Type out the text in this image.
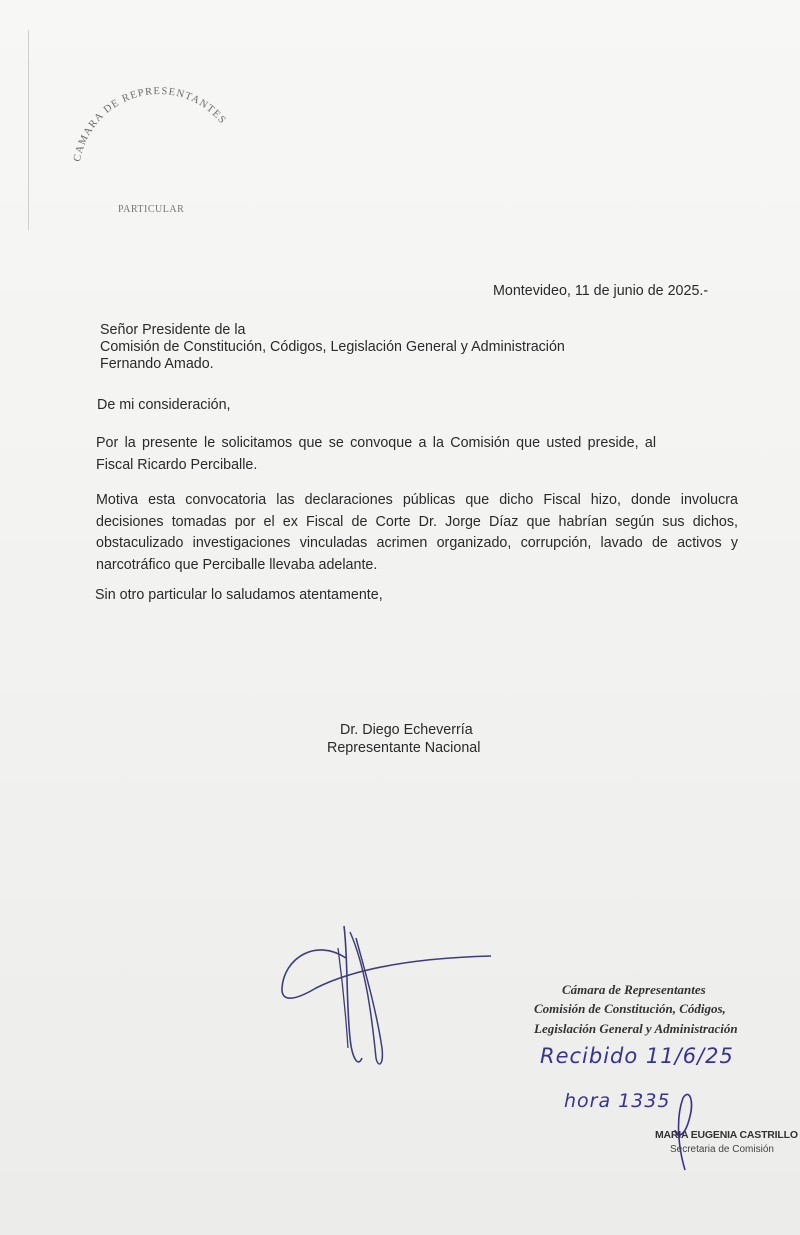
CAMARA DE REPRESENTANTES
PARTICULAR
Montevideo, 11 de junio de 2025.-
Señor Presidente de la
Comisión de Constitución, Códigos, Legislación General y Administración
Fernando Amado.
De mi consideración,
Por la presente le solicitamos que se convoque a la Comisión que usted preside, al Fiscal Ricardo Perciballe.
Motiva esta convocatoria las declaraciones públicas que dicho Fiscal hizo, donde involucra decisiones tomadas por el ex Fiscal de Corte Dr. Jorge Díaz que habrían según sus dichos, obstaculizado investigaciones vinculadas acrimen organizado, corrupción, lavado de activos y narcotráfico que Perciballe llevaba adelante.
Sin otro particular lo saludamos atentamente,
Dr. Diego Echeverría
Representante Nacional
Cámara de Representantes
Comisión de Constitución, Códigos,
Legislación General y Administración
Recibido 11/6/25
hora 1335
MARIA EUGENIA CASTRILLO
Secretaria de Comisión
